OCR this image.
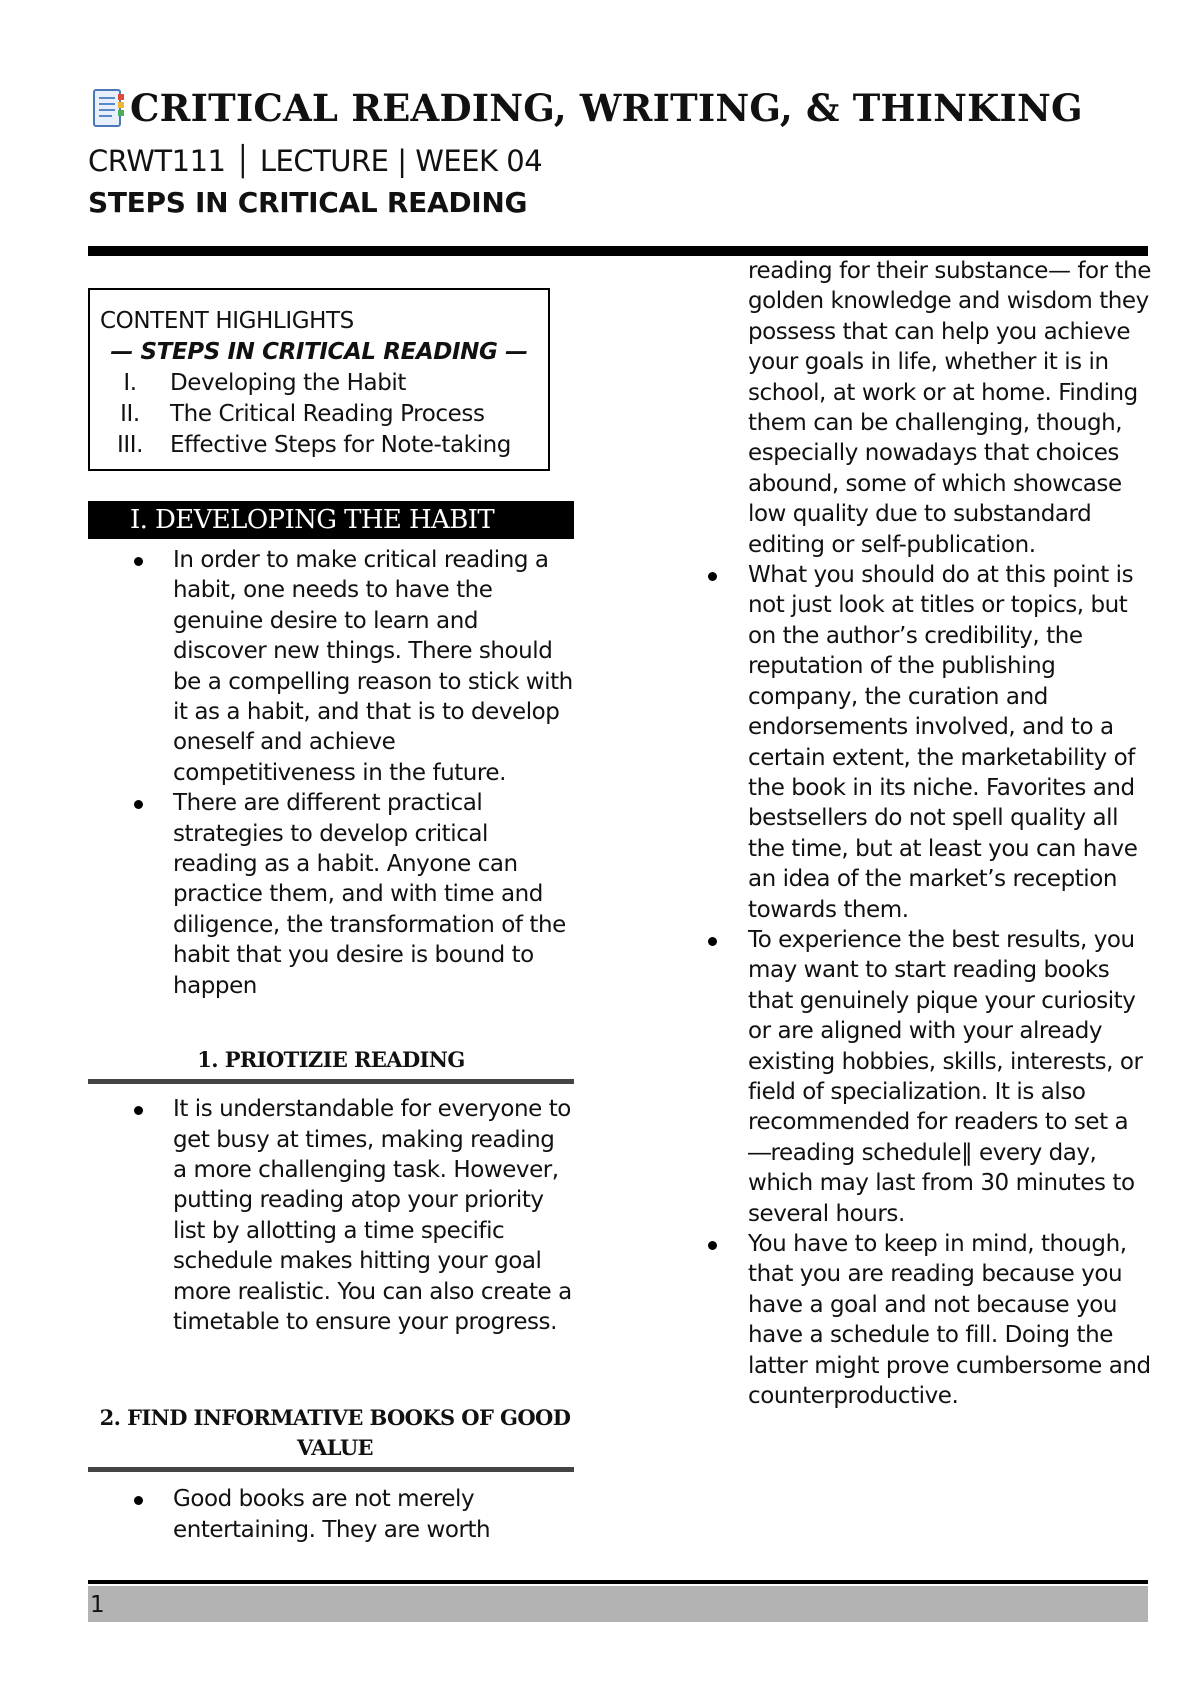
CRITICAL READING, WRITING, & THINKING
CRWT111 │ LECTURE | WEEK 04
STEPS IN CRITICAL READING
CONTENT HIGHLIGHTS
— STEPS IN CRITICAL READING —
I.	Developing the Habit
II.	The Critical Reading Process
III.	Effective Steps for Note-taking
I. DEVELOPING THE HABIT
In order to make critical reading a habit, one needs to have the genuine desire to learn and discover new things. There should be a compelling reason to stick with it as a habit, and that is to develop oneself and achieve competitiveness in the future.
There are different practical strategies to develop critical reading as a habit. Anyone can practice them, and with time and diligence, the transformation of the habit that you desire is bound to happen
1. PRIOTIZIE READING
It is understandable for everyone to get busy at times, making reading a more challenging task. However, putting reading atop your priority list by allotting a time specific schedule makes hitting your goal more realistic. You can also create a timetable to ensure your progress.
2. FIND INFORMATIVE BOOKS OF GOOD VALUE
Good books are not merely entertaining. They are worth
reading for their substance— for the golden knowledge and wisdom they possess that can help you achieve your goals in life, whether it is in school, at work or at home. Finding them can be challenging, though, especially nowadays that choices abound, some of which showcase low quality due to substandard editing or self-publication.
What you should do at this point is not just look at titles or topics, but on the author’s credibility, the reputation of the publishing company, the curation and endorsements involved, and to a certain extent, the marketability of the book in its niche. Favorites and bestsellers do not spell quality all the time, but at least you can have an idea of the market’s reception towards them.
To experience the best results, you may want to start reading books that genuinely pique your curiosity or are aligned with your already existing hobbies, skills, interests, or field of specialization. It is also recommended for readers to set a ―reading schedule‖ every day, which may last from 30 minutes to several hours.
You have to keep in mind, though, that you are reading because you have a goal and not because you have a schedule to fill. Doing the latter might prove cumbersome and counterproductive.
1
